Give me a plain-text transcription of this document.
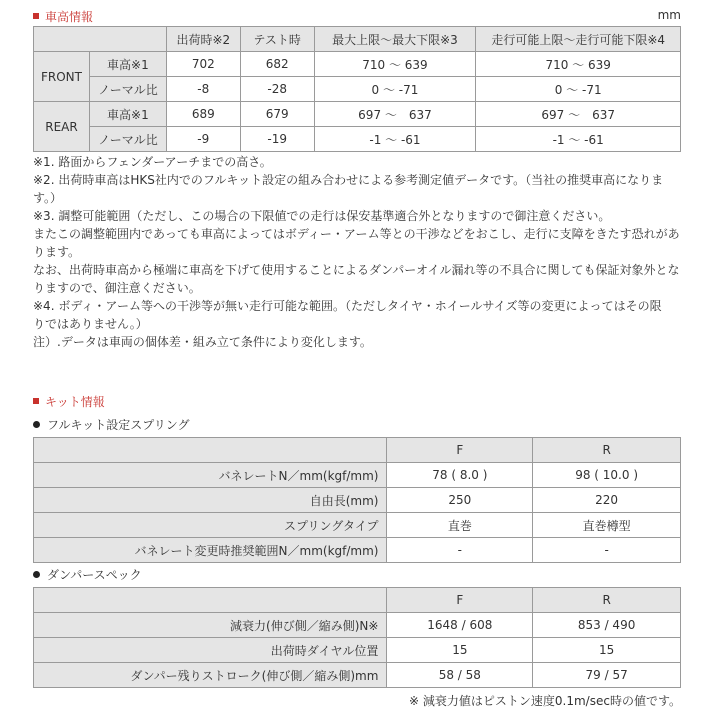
車高情報	mm
		出荷時※2	テスト時	最大上限～最大下限※3	走行可能上限～走行可能下限※4
FRONT	車高※1	702	682	710 ～ 639	710 ～ 639
	ノーマル比	-8	-28	0 ～ -71	0 ～ -71
REAR	車高※1	689	679	697 ～　637	697 ～　637
	ノーマル比	-9	-19	-1 ～ -61	-1 ～ -61
※1. 路面からフェンダーアーチまでの高さ。
※2. 出荷時車高はHKS社内でのフルキット設定の組み合わせによる参考測定値データです。（当社の推奨車高になりま
す。）
※3. 調整可能範囲（ただし、この場合の下限値での走行は保安基準適合外となりますので御注意ください。
またこの調整範囲内であっても車高によってはボディー・アーム等との干渉などをおこし、走行に支障をきたす恐れがあ
ります。
なお、出荷時車高から極端に車高を下げて使用することによるダンパーオイル漏れ等の不具合に関しても保証対象外とな
りますので、御注意ください。
※4. ボディ・アーム等への干渉等が無い走行可能な範囲。（ただしタイヤ・ホイールサイズ等の変更によってはその限
りではありません。）
注）.データは車両の個体差・組み立て条件により変化します。
キット情報
フルキット設定スプリング
	F	R
バネレートN／mm(kgf/mm)	78 ( 8.0 )	98 ( 10.0 )
自由長(mm)	250	220
スプリングタイプ	直巻	直巻樽型
バネレート変更時推奨範囲N／mm(kgf/mm)	-	-
ダンパースペック
	F	R
減衰力(伸び側／縮み側)N※	1648 / 608	853 / 490
出荷時ダイヤル位置	15	15
ダンパー残りストローク(伸び側／縮み側)mm	58 / 58	79 / 57
※ 減衰力値はピストン速度0.1m/sec時の値です。
